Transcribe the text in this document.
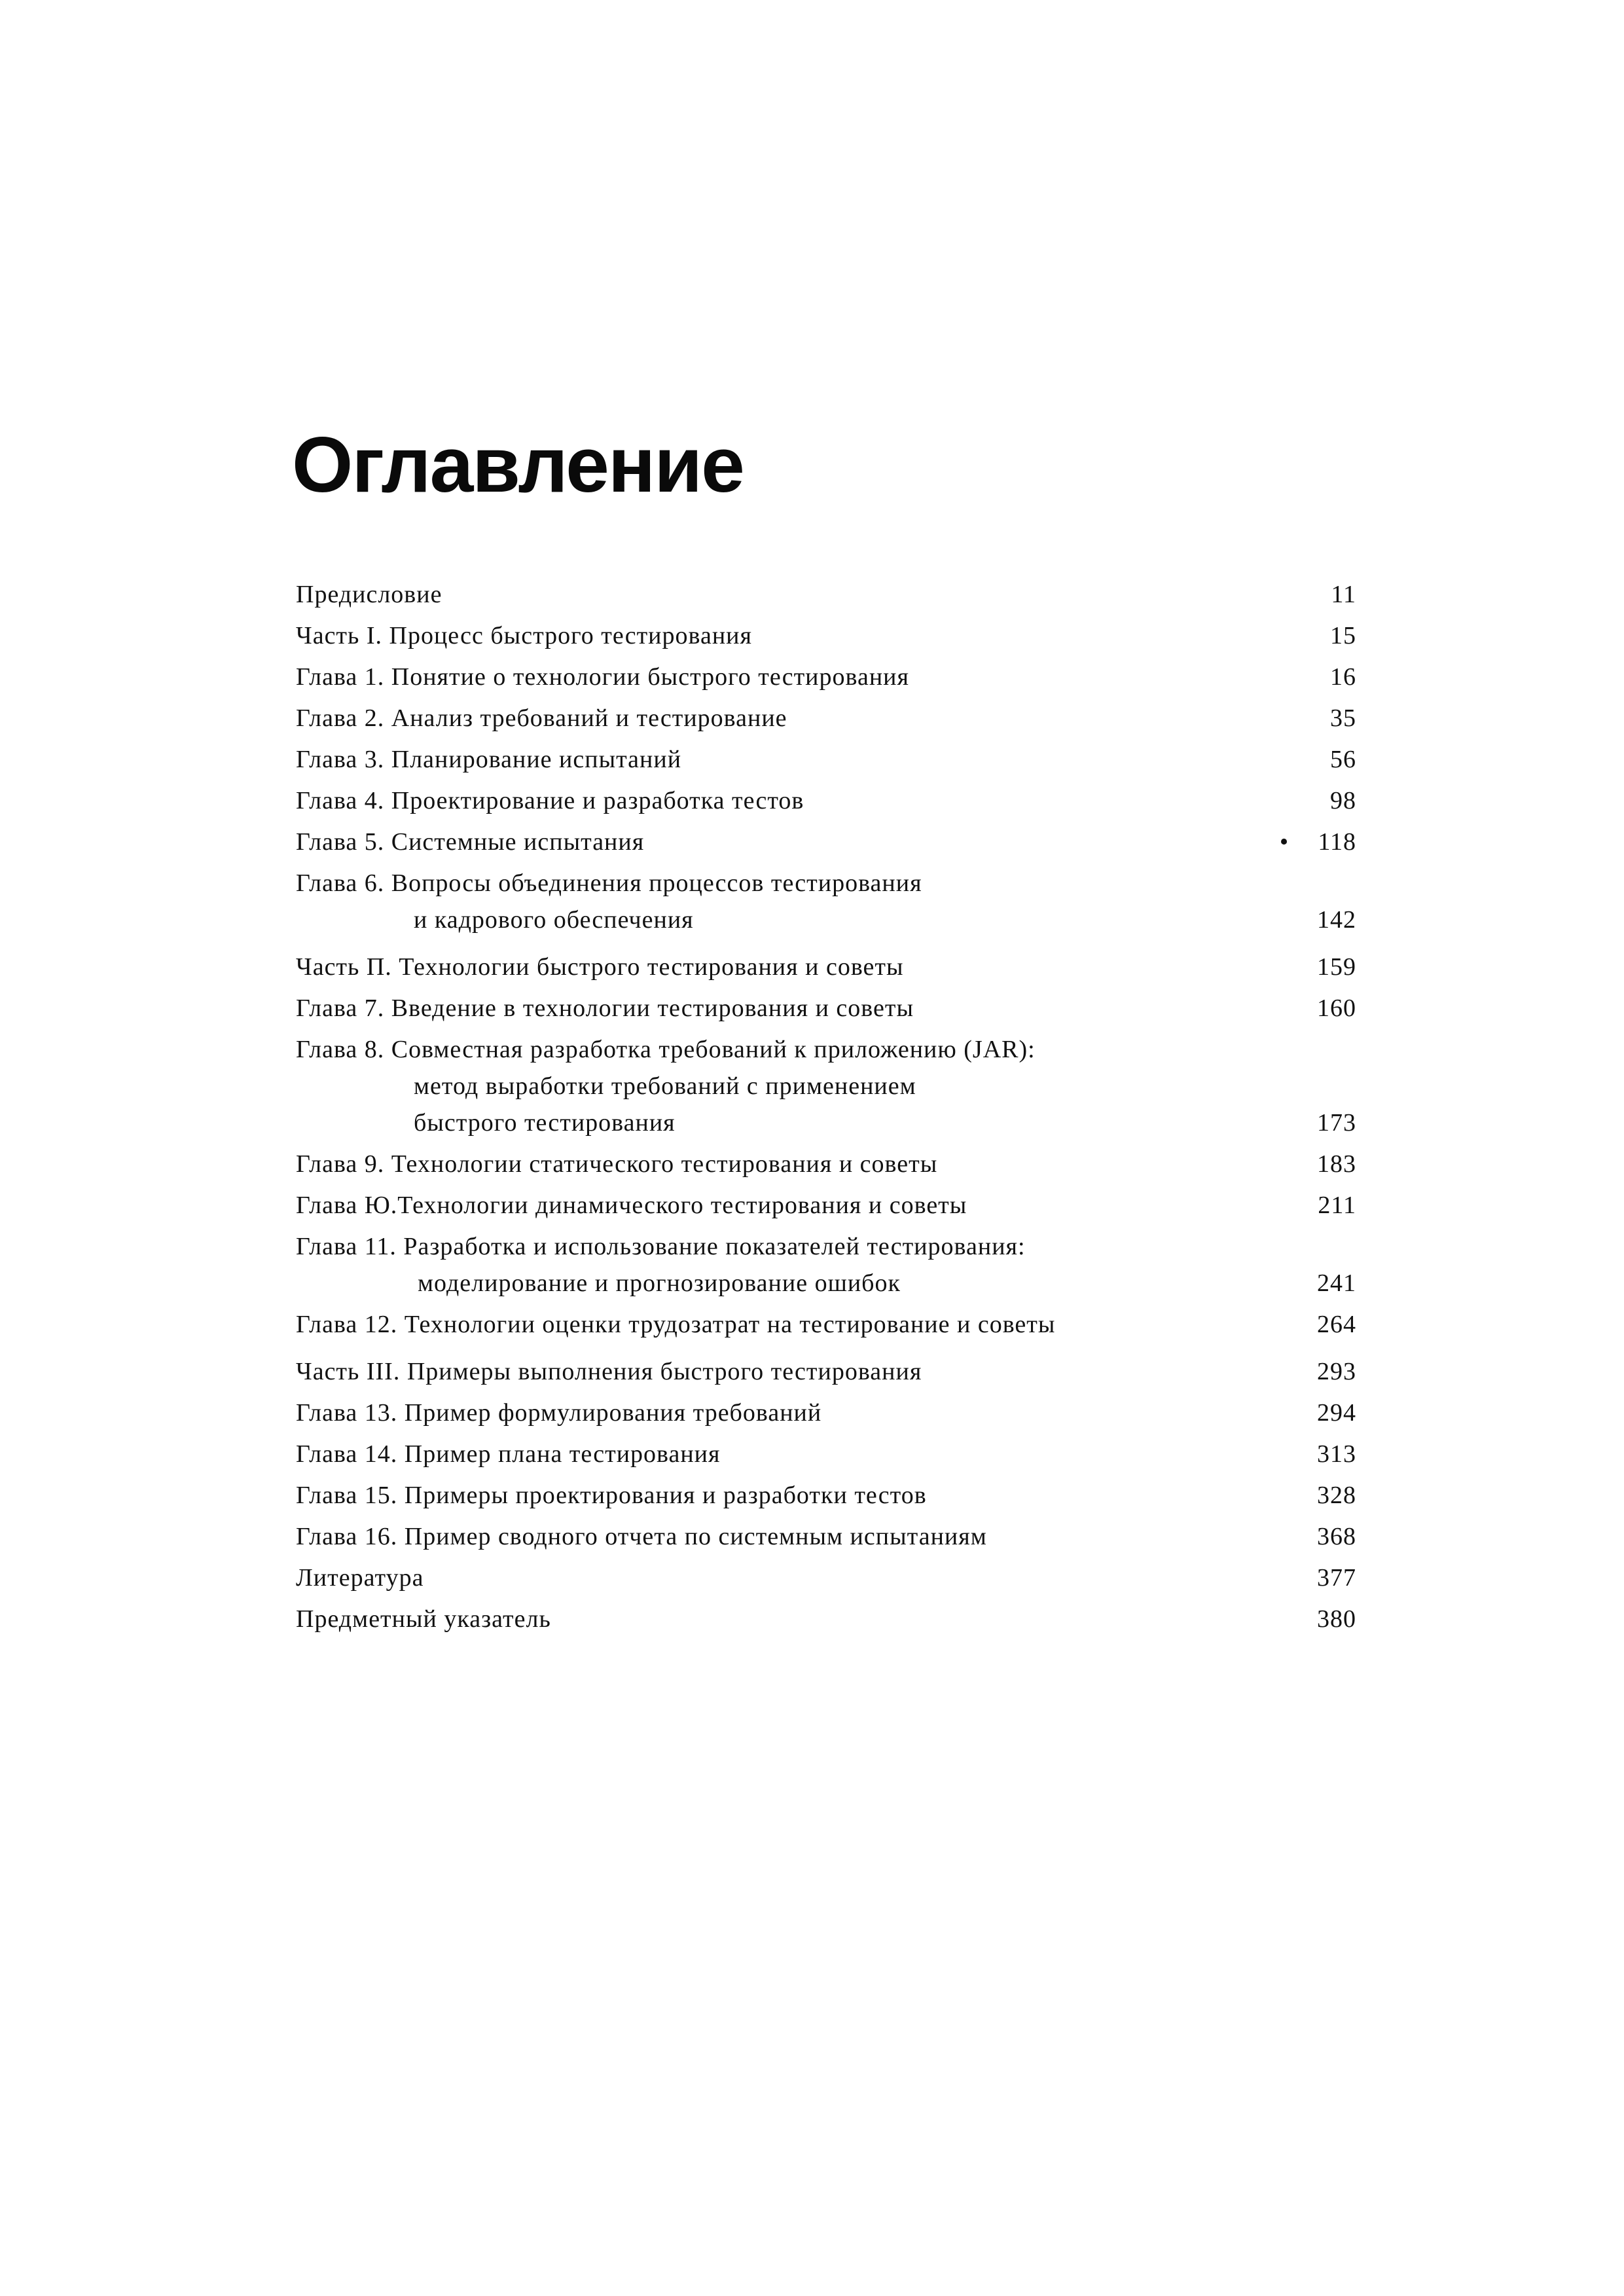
Оглавление
Предисловие	11
Часть I. Процесс быстрого тестирования	15
Глава 1. Понятие о технологии быстрого тестирования	16
Глава 2. Анализ требований и тестирование	35
Глава 3. Планирование испытаний	56
Глава 4. Проектирование и разработка тестов	98
Глава 5. Системные испытания	•	118
Глава 6. Вопросы объединения процессов тестирования
и кадрового обеспечения	142
Часть П. Технологии быстрого тестирования и советы	159
Глава 7. Введение в технологии тестирования и советы	160
Глава 8. Совместная разработка требований к приложению (JAR):
метод выработки требований с применением
быстрого тестирования	173
Глава 9. Технологии статического тестирования и советы	183
Глава Ю.Технологии динамического тестирования и советы	211
Глава 11. Разработка и использование показателей тестирования:
моделирование и прогнозирование ошибок	241
Глава 12. Технологии оценки трудозатрат на тестирование и советы	264
Часть III. Примеры выполнения быстрого тестирования	293
Глава 13. Пример формулирования требований	294
Глава 14. Пример плана тестирования	313
Глава 15. Примеры проектирования и разработки тестов	328
Глава 16. Пример сводного отчета по системным испытаниям	368
Литература	377
Предметный указатель	380
